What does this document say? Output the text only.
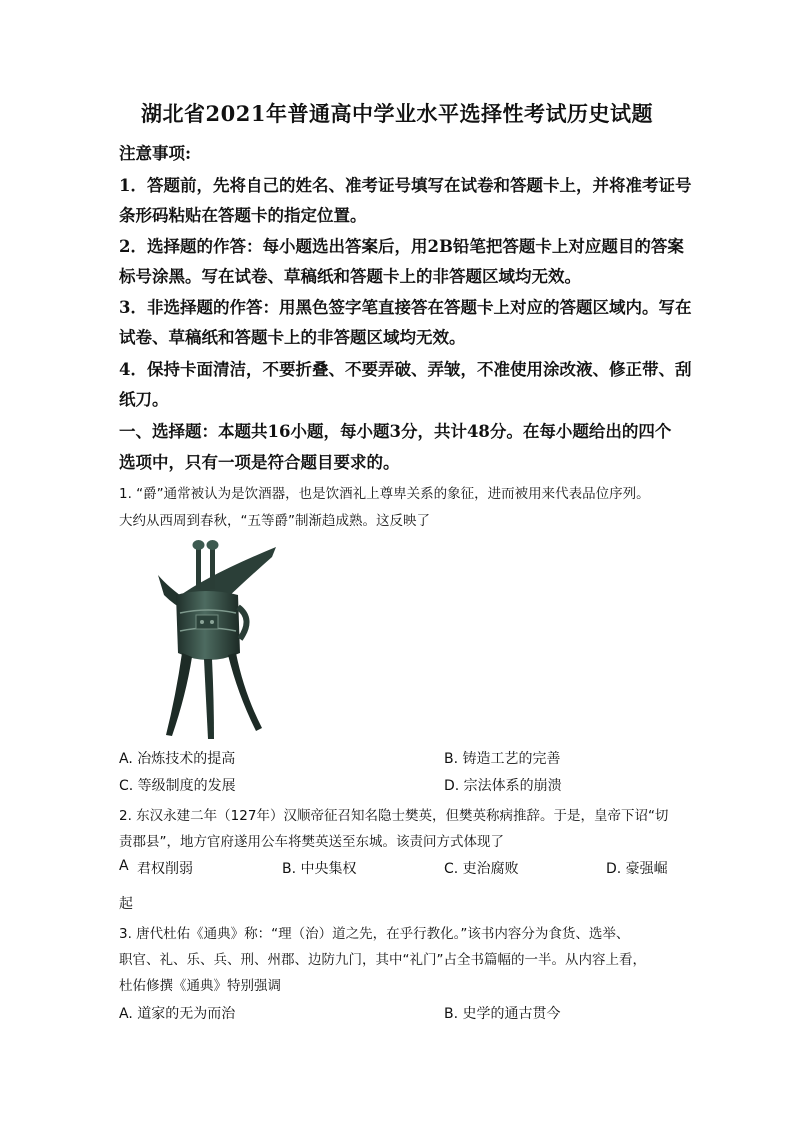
湖北省2021年普通高中学业水平选择性考试历史试题
注意事项:
1．答题前，先将自己的姓名、准考证号填写在试卷和答题卡上，并将准考证号
条形码粘贴在答题卡的指定位置。
2．选择题的作答：每小题选出答案后，用2B铅笔把答题卡上对应题目的答案
标号涂黑。写在试卷、草稿纸和答题卡上的非答题区域均无效。
3．非选择题的作答：用黑色签字笔直接答在答题卡上对应的答题区域内。写在
试卷、草稿纸和答题卡上的非答题区域均无效。
4．保持卡面清洁，不要折叠、不要弄破、弄皱，不准使用涂改液、修正带、刮
纸刀。
一、选择题：本题共16小题，每小题3分，共计48分。在每小题给出的四个
选项中，只有一项是符合题目要求的。
1. “爵”通常被认为是饮酒器，也是饮酒礼上尊卑关系的象征，进而被用来代表品位序列。
大约从西周到春秋，“五等爵”制渐趋成熟。这反映了
A. 冶炼技术的提高	B. 铸造工艺的完善
C. 等级制度的发展	D. 宗法体系的崩溃
2. 东汉永建二年（127年）汉顺帝征召知名隐士樊英，但樊英称病推辞。于是，皇帝下诏“切
责郡县”，地方官府遂用公车将樊英送至东城。该责问方式体现了
A 君权削弱	B. 中央集权	C. 吏治腐败	D. 豪强崛
起
3. 唐代杜佑《通典》称：“理（治）道之先，在乎行教化。”该书内容分为食货、选举、
职官、礼、乐、兵、刑、州郡、边防九门，其中“礼门”占全书篇幅的一半。从内容上看，
杜佑修撰《通典》特别强调
A. 道家的无为而治	B. 史学的通古贯今
